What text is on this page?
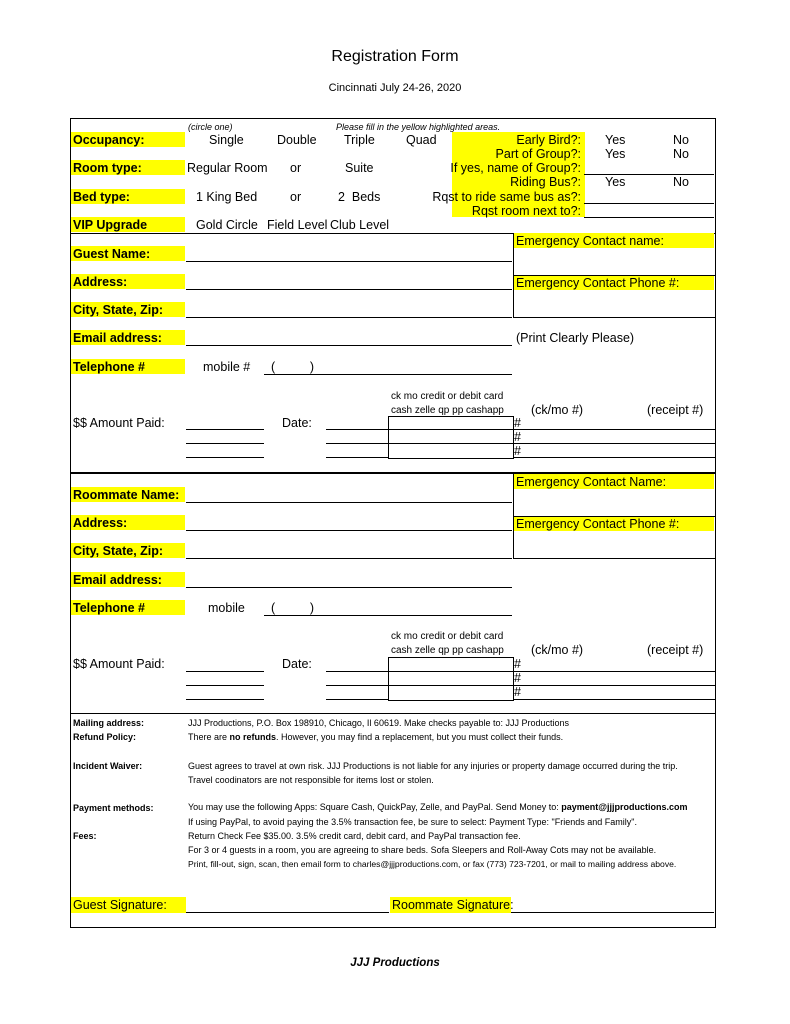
Registration Form
Cincinnati July 24-26, 2020
(circle one)	Please fill in the yellow highlighted areas.
Occupancy:	Single	Double Triple Quad
Room type:	Regular Room or	Suite
Bed type:	1 King Bed	or	2  Beds
VIP Upgrade	Gold Circle Field Level Club Level
Early Bird?: Yes	No
Part of Group?: Yes	No
If yes, name of Group?:
Riding Bus?: Yes	No
Rqst to ride same bus as?:
Rqst room next to?:
Guest Name:
Address:
City, State, Zip:
Email address:	(Print Clearly Please)
Telephone #	mobile # (          )
Emergency Contact name:
Emergency Contact Phone #:
$$ Amount Paid:	Date:
ck mo credit or debit card
cash zelle qp pp cashapp (ck/mo #)	(receipt #)
#
#
#
Roommate Name:
Address:
City, State, Zip:
Email address:
Telephone #	mobile (          )
Emergency Contact Name:
Emergency Contact Phone #:
$$ Amount Paid:	Date:
ck mo credit or debit card
cash zelle qp pp cashapp (ck/mo #)	(receipt #)
#
#
#
Mailing address:	JJJ Productions, P.O. Box 198910, Chicago, Il 60619. Make checks payable to: JJJ Productions
Refund Policy:	There are no refunds. However, you may find a replacement, but you must collect their funds.
Incident Waiver:	Guest agrees to travel at own risk. JJJ Productions is not liable for any injuries or property damage occurred during the trip.
Travel coodinators are not responsible for items lost or stolen.
Payment methods:	You may use the following Apps: Square Cash, QuickPay, Zelle, and PayPal. Send Money to: payment@jjjproductions.com
If using PayPal, to avoid paying the 3.5% transaction fee, be sure to select: Payment Type: "Friends and Family".
Fees:	Return Check Fee $35.00. 3.5% credit card, debit card, and PayPal transaction fee.
For 3 or 4 guests in a room, you are agreeing to share beds. Sofa Sleepers and Roll-Away Cots may not be available.
Print, fill-out, sign, scan, then email form to charles@jjjproductions.com, or fax (773) 723-7201, or mail to mailing address above.
Guest Signature:	Roommate Signature:
JJJ Productions
